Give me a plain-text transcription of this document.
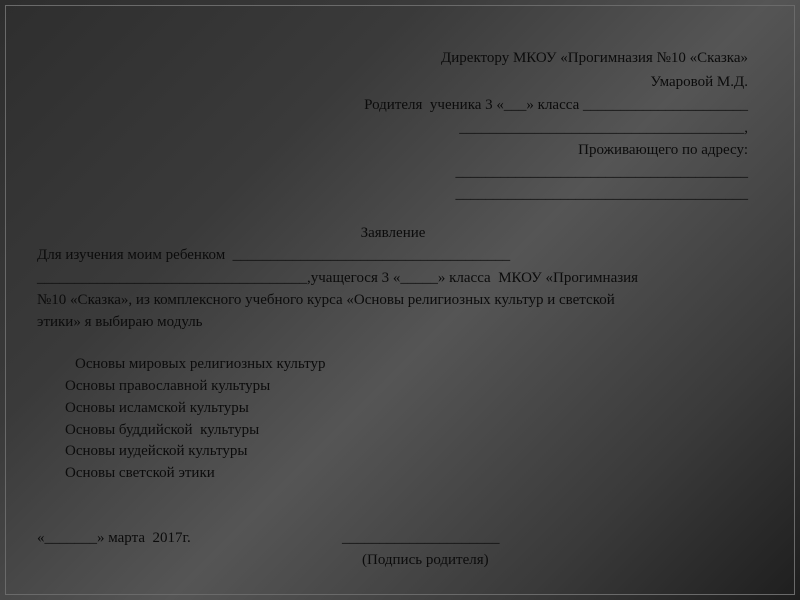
Директору МКОУ «Прогимназия №10 «Сказка»
Умаровой М.Д.
Родителя  ученика 3 «___» класса ______________________
______________________________________,
Проживающего по адресу:
_______________________________________
_______________________________________
Заявление
Для изучения моим ребенком  _____________________________________
____________________________________,учащегося 3 «_____» класса  МКОУ «Прогимназия
№10 «Сказка», из комплексного учебного курса «Основы религиозных культур и светской
этики» я выбираю модуль
Основы мировых религиозных культур
Основы православной культуры
Основы исламской культуры
Основы буддийской  культуры
Основы иудейской культуры
Основы светской этики
«_______» марта  2017г.	_____________________
(Подпись родителя)
